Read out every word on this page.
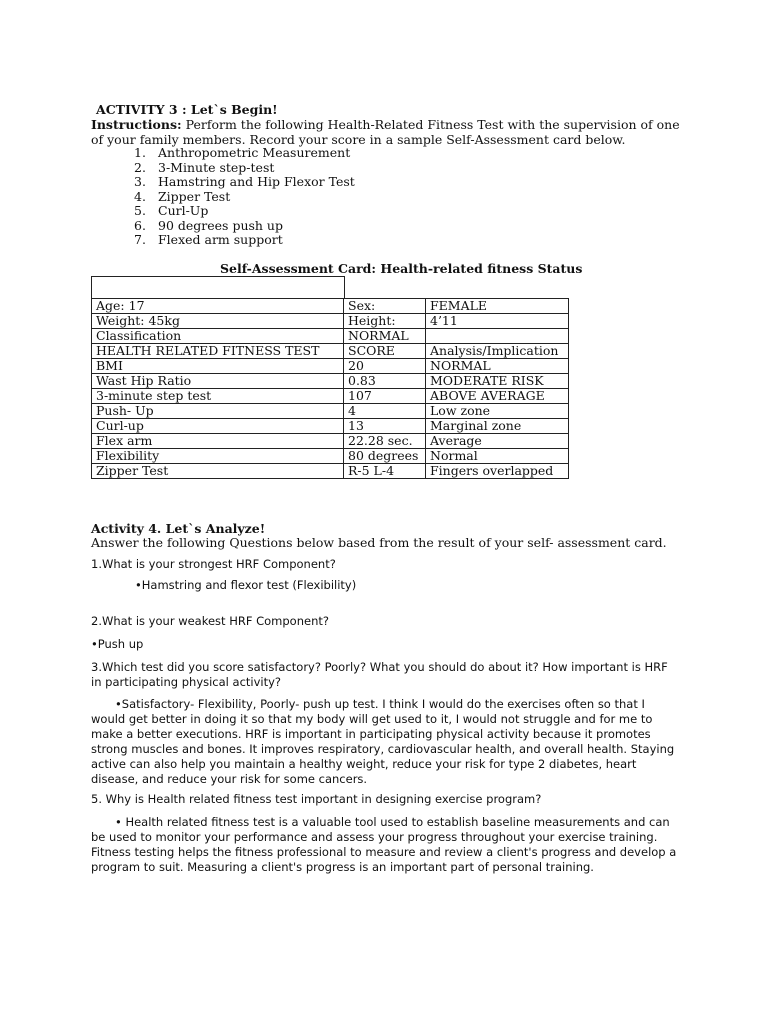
ACTIVITY 3 : Let`s Begin!
Instructions: Perform the following Health-Related Fitness Test with the supervision of one of your family members. Record your score in a sample Self-Assessment card below.
1. Anthropometric Measurement
2. 3-Minute step-test
3. Hamstring and Hip Flexor Test
4. Zipper Test
5. Curl-Up
6. 90 degrees push up
7. Flexed arm support
Self-Assessment Card: Health-related fitness Status
Age: 17	Sex:	FEMALE
Weight: 45kg	Height:	4’11
Classification	NORMAL	
HEALTH RELATED FITNESS TEST	SCORE	Analysis/Implication
BMI	20	NORMAL
Wast Hip Ratio	0.83	MODERATE RISK
3-minute step test	107	ABOVE AVERAGE
Push- Up	4	Low zone
Curl-up	13	Marginal zone
Flex arm	22.28 sec.	Average
Flexibility	80 degrees	Normal
Zipper Test	R-5 L-4	Fingers overlapped
Activity 4. Let`s Analyze!
Answer the following Questions below based from the result of your self- assessment card.
1.What is your strongest HRF Component?
•Hamstring and flexor test (Flexibility)
2.What is your weakest HRF Component?
•Push up
3.Which test did you score satisfactory? Poorly? What you should do about it? How important is HRF in participating physical activity?
•Satisfactory- Flexibility, Poorly- push up test. I think I would do the exercises often so that I would get better in doing it so that my body will get used to it, I would not struggle and for me to make a better executions. HRF is important in participating physical activity because it promotes strong muscles and bones. It improves respiratory, cardiovascular health, and overall health. Staying active can also help you maintain a healthy weight, reduce your risk for type 2 diabetes, heart disease, and reduce your risk for some cancers.
5. Why is Health related fitness test important in designing exercise program?
• Health related fitness test is a valuable tool used to establish baseline measurements and can be used to monitor your performance and assess your progress throughout your exercise training. Fitness testing helps the fitness professional to measure and review a client's progress and develop a program to suit. Measuring a client's progress is an important part of personal training.
